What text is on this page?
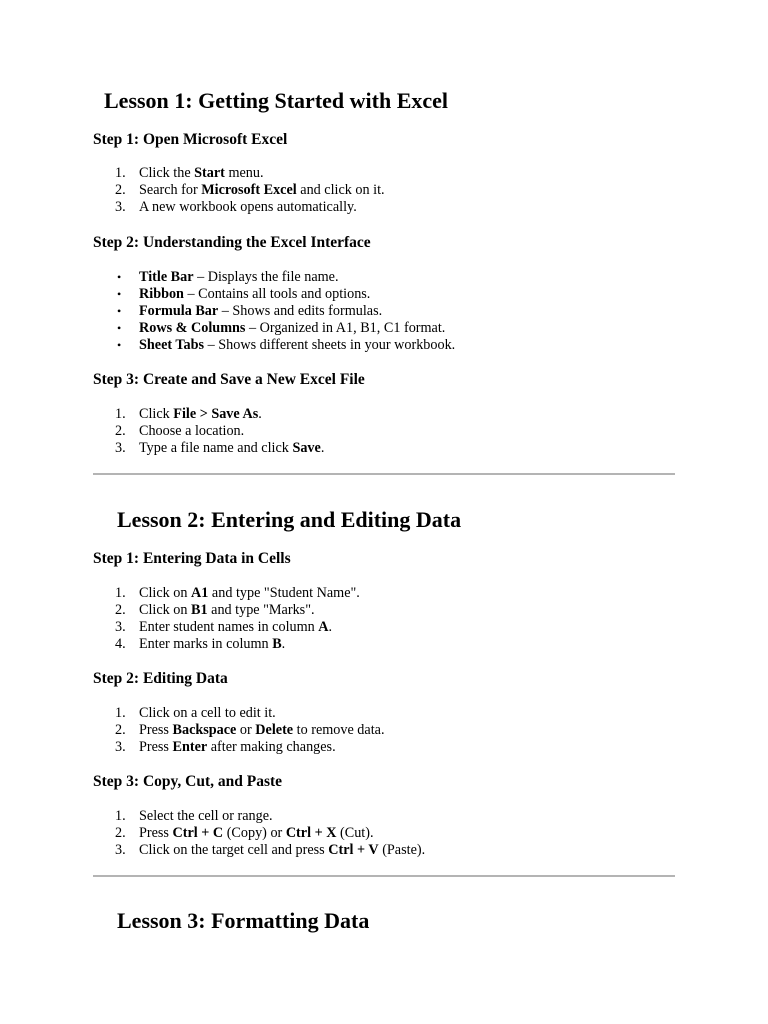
Lesson 1: Getting Started with Excel
Step 1: Open Microsoft Excel
1. Click the Start menu.
2. Search for Microsoft Excel and click on it.
3. A new workbook opens automatically.
Step 2: Understanding the Excel Interface
•	Title Bar – Displays the file name.
•	Ribbon – Contains all tools and options.
•	Formula Bar – Shows and edits formulas.
•	Rows & Columns – Organized in A1, B1, C1 format.
•	Sheet Tabs – Shows different sheets in your workbook.
Step 3: Create and Save a New Excel File
1. Click File > Save As.
2. Choose a location.
3. Type a file name and click Save.
Lesson 2: Entering and Editing Data
Step 1: Entering Data in Cells
1. Click on A1 and type "Student Name".
2. Click on B1 and type "Marks".
3. Enter student names in column A.
4. Enter marks in column B.
Step 2: Editing Data
1. Click on a cell to edit it.
2. Press Backspace or Delete to remove data.
3. Press Enter after making changes.
Step 3: Copy, Cut, and Paste
1. Select the cell or range.
2. Press Ctrl + C (Copy) or Ctrl + X (Cut).
3. Click on the target cell and press Ctrl + V (Paste).
Lesson 3: Formatting Data
